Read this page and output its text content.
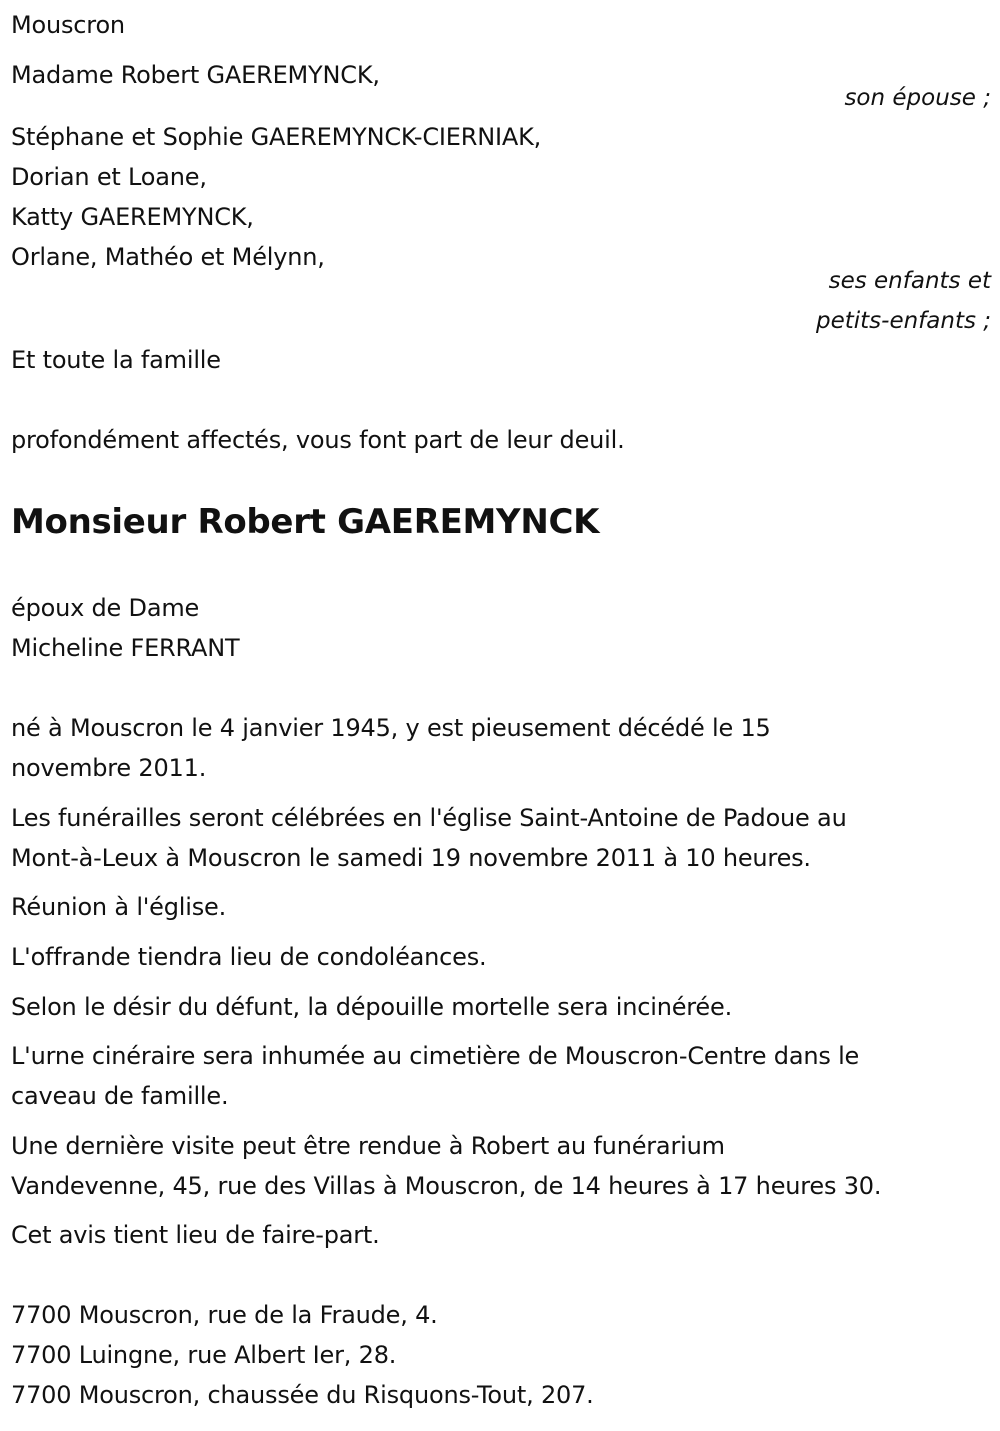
Mouscron
Madame Robert GAEREMYNCK,
son épouse ;
Stéphane et Sophie GAEREMYNCK-CIERNIAK,
Dorian et Loane,
Katty GAEREMYNCK,
Orlane, Mathéo et Mélynn,
ses enfants et
petits-enfants ;
Et toute la famille
profondément affectés, vous font part de leur deuil.
Monsieur Robert GAEREMYNCK
époux de Dame
Micheline FERRANT
né à Mouscron le 4 janvier 1945, y est pieusement décédé le 15
novembre 2011.
Les funérailles seront célébrées en l'église Saint-Antoine de Padoue au
Mont-à-Leux à Mouscron le samedi 19 novembre 2011 à 10 heures.
Réunion à l'église.
L'offrande tiendra lieu de condoléances.
Selon le désir du défunt, la dépouille mortelle sera incinérée.
L'urne cinéraire sera inhumée au cimetière de Mouscron-Centre dans le
caveau de famille.
Une dernière visite peut être rendue à Robert au funérarium
Vandevenne, 45, rue des Villas à Mouscron, de 14 heures à 17 heures 30.
Cet avis tient lieu de faire-part.
7700 Mouscron, rue de la Fraude, 4.
7700 Luingne, rue Albert Ier, 28.
7700 Mouscron, chaussée du Risquons-Tout, 207.
